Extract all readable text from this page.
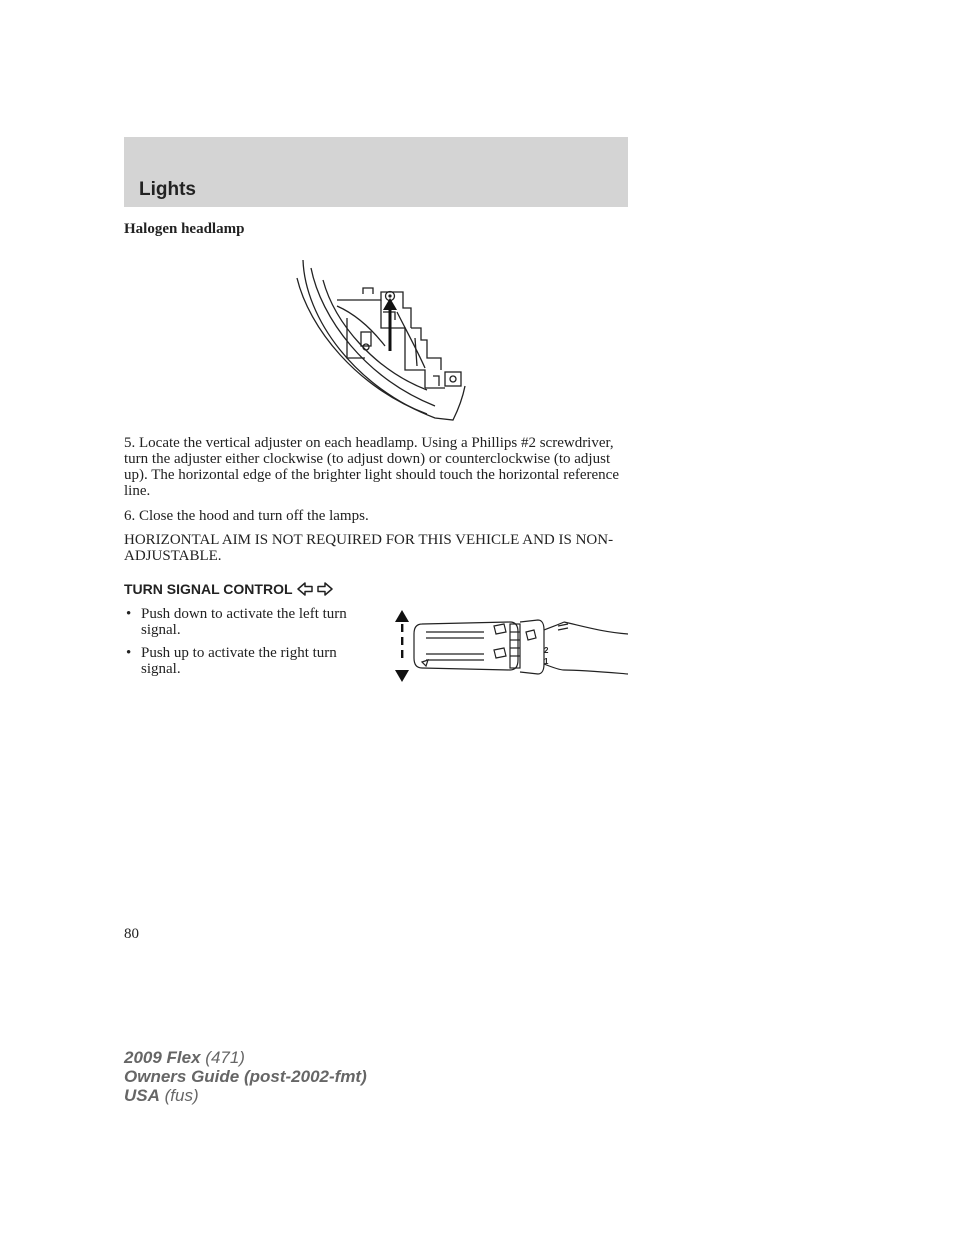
Lights
Halogen headlamp
5. Locate the vertical adjuster on each headlamp. Using a Phillips #2 screwdriver, turn the adjuster either clockwise (to adjust down) or counterclockwise (to adjust up). The horizontal edge of the brighter light should touch the horizontal reference line.
6. Close the hood and turn off the lamps.
HORIZONTAL AIM IS NOT REQUIRED FOR THIS VEHICLE AND IS NON-ADJUSTABLE.
TURN SIGNAL CONTROL
• Push down to activate the left turn signal.
• Push up to activate the right turn signal.
2
1
80
2009 Flex (471)
Owners Guide (post-2002-fmt)
USA (fus)
